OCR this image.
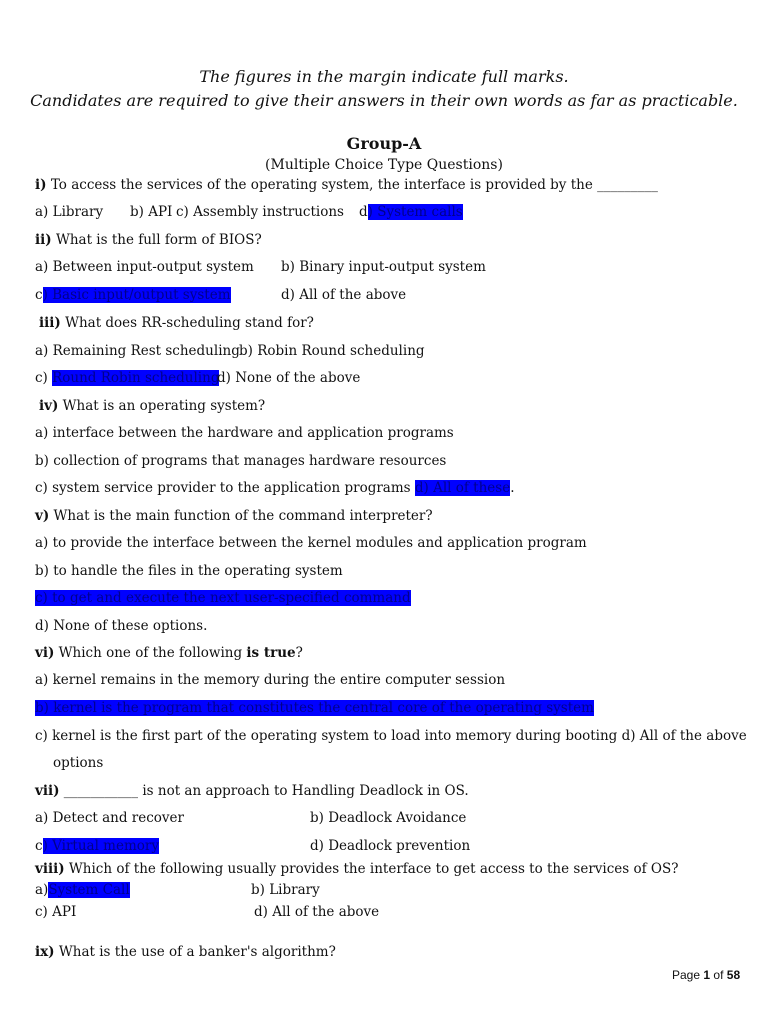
The figures in the margin indicate full marks.
Candidates are required to give their answers in their own words as far as practicable.
Group-A
(Multiple Choice Type Questions)
i) To access the services of the operating system, the interface is provided by the _________
a) Library b) API c) Assembly instructions d) System calls
ii) What is the full form of BIOS?
a) Between input-output system b) Binary input-output system
c) Basic input/output system	d) All of the above
iii) What does RR-scheduling stand for?
a) Remaining Rest scheduling b) Robin Round scheduling
c) Round Robin scheduling
d) None of the above
iv) What is an operating system?
a) interface between the hardware and application programs
b) collection of programs that manages hardware resources
c) system service provider to the application programs d) All of these.
v) What is the main function of the command interpreter?
a) to provide the interface between the kernel modules and application program
b) to handle the files in the operating system
c) to get and execute the next user-specified command
d) None of these options.
vi) Which one of the following is true?
a) kernel remains in the memory during the entire computer session
b) kernel is the program that constitutes the central core of the operating system
c) kernel is the first part of the operating system to load into memory during booting d) All of the above
options
vii) ___________ is not an approach to Handling Deadlock in OS.
a) Detect and recover	b) Deadlock Avoidance
c) Virtual memory	d) Deadlock prevention
viii) Which of the following usually provides the interface to get access to the services of OS?
a)System Call	b) Library
c) API	d) All of the above
ix) What is the use of a banker's algorithm?
Page 1 of 58
